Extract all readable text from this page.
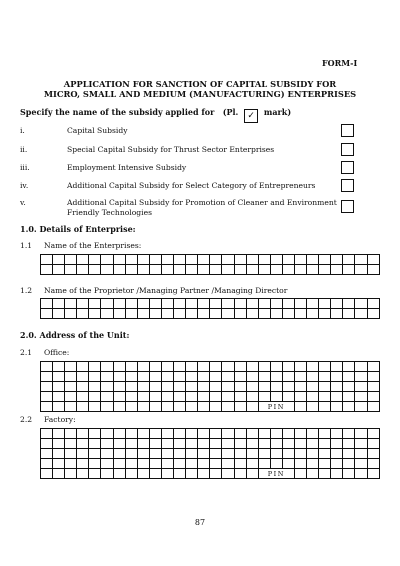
FORM-I
APPLICATION FOR SANCTION OF CAPITAL SUBSIDY FOR
MICRO, SMALL AND MEDIUM (MANUFACTURING) ENTERPRISES
Specify the name of the subsidy applied for (Pl. ✓ mark)
i.	Capital Subsidy
ii.	Special Capital Subsidy for Thrust Sector Enterprises
iii.	Employment Intensive Subsidy
iv.	Additional Capital Subsidy for Select Category of Entrepreneurs
v.	Additional Capital Subsidy for Promotion of Cleaner and Environment Friendly Technologies
1.0. Details of Enterprise:
1.1 Name of the Enterprises:

1.2 Name of the Proprietor /Managing Partner /Managing Director

2.0. Address of the Unit:
2.1 Office:

																		PIN									
2.2 Factory:

																		PIN									
87
